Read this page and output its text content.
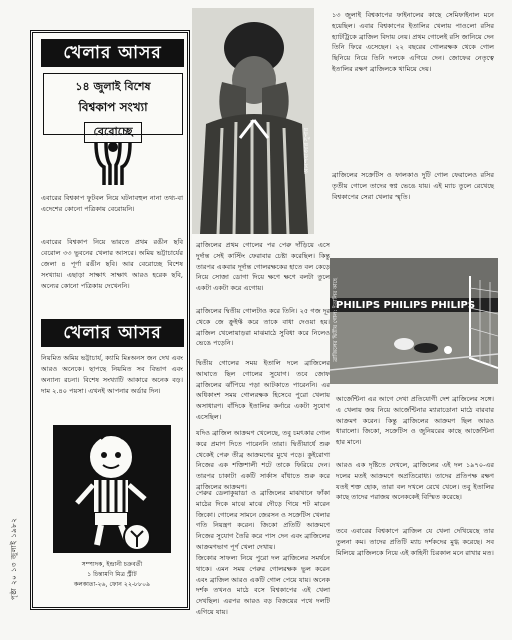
পৃষ্ঠা ২০ ১৩ জুলাই ১৯৮২
খেলার আসর
১৪ জুলাই বিশেষ
বিশ্বকাপ সংখ্যা
বেরোচ্ছে
এবারের বিশ্বকাপ ফুটবল নিয়ে ঘটনাবহুল নানা তথ্য-বা এদেশের কোনো পত্রিকায় বেরোয়নি।
এবারের বিশ্বকাপ নিয়ে ভারতে প্রথম রঙীন ছবি বেরোল ৩৩ ভুবনের খেলার আসরে। অমিয় ভট্টাচার্যের জেলা ৪ পূর্ণা রঙীন ছবি। আর বেরোচ্ছে বিশেষ সংখ্যায়। এছাড়া সাক্ষাৎ সাক্ষাৎ আরও হরেক ছবি, অন্যের কোনো পত্রিকায় দেখেননি।
খেলার আসর
নিয়মিত অমিয় ভট্টাচার্য, ক্যামি মিঃঅনস জন দেখ এবং আরও অনেকে। ছাপছে নিয়মিত সব বিভাগ এবং অন্যান্য রচনা। বিশেষ সংখ্যাটি আকারে অনেক বড়। দাম ২.৪০ পয়সা। এখনই আপনার অর্ডার দিন।
সম্পাদক, ইন্দ্রানী চক্রবর্তী
১ চিন্তামণি মিত্র স্ট্রীট
কলকাতা-২৬, ফোন ২২-৮৮০৯
আনন্দবাজার সুপার
ব্রাজিলের প্রথম গোলের পর পেরু দাঁড়িয়ে এসে দুর্দান্ত সেই কাস্টিং ফেরাবার চেষ্টা করেছিল। কিন্তু তারপর একবার দূর্দান্ত গোলরক্ষকের হাতে বল কেড়ে নিয়ে সোজা ডোগা দিয়ে ক্ষণে ক্ষণে বলটা তুলে একটা একটা করে এগোয়।
ব্রাজিলের দ্বিতীয় গোলটাও করে তিনি। ২৫ গজ দূর থেকে জে ক্রুইফ্ট করে তাকে বাধা দেওয়া হয়। ব্রাজিল খেলোয়াড়রা মাঝমাঠে সুবিধা করে নিলেও ভেঙে পড়েনি।
দ্বিতীয় গোলের সময় ইতালি দলে ব্রাজিলের আঘাতে ছিল গোলের সুযোগ। তবে জোফ ব্রাজিলের ঝাঁপিয়ে পড়া আটকাতে পারেননি। এর অধিকাংশ সময় গোলরক্ষক হিসেবে পুরো খেলায় অসাধারণ। বাঁদিকে ইতালির কর্নারে একটা সুযোগ এসেছিল।
যদিও ব্রাজিল আক্রমণ খেলেছে, তবু চমৎকার গোল করে প্রমাণ দিতে পারেননি তারা। দ্বিতীয়ার্ধে শুরু থেকেই পেরু তীব্র আক্রমণের মুখে পড়ে। কুইরোগা নিজের এক শক্তিশালী শটে তাকে ফিরিয়ে দেন। তারপর চাকাটা একটি সার্কাস বাঁধাতে শুরু করে ব্রাজিলের আক্রমণ।
পেরুর ডেলাকুয়াডা ও ব্রাজিলের মাঝখানে ফাঁকা মাঠের দিকে মাঝে মাঝে দৌড়ে গিয়ে শট মারেন জিকো। গোলের সামনে জেরসন ও সক্রেটিস খেলার গতি নিয়ন্ত্রণ করেন। জিকো প্রতিটি আক্রমণে নিজের সুযোগ তৈরি করে পাস দেন এবং ব্রাজিলের আক্রমণভাগ পূর্ণ খেলা দেখায়।
জিকোর সাফল্য নিয়ে পুরো দল ব্রাজিলের সমর্থনে থাকে। এমন সময় পেরুর গোলরক্ষক ভুল করেন এবং ব্রাজিল আরও একটি গোল পেয়ে যায়। অনেক দর্শক তখনও মাঠে বসে বিশ্বকাপের এই খেলা দেখছিল। এরপর আরও বড় বিজয়ের পথে দলটি এগিয়ে যায়।
১৩ জুলাই বিশ্বকাপের ফাইনালের কাছে সেমিফাইনাল মনে হয়েছিল। এবার বিশ্বকাপের ইতালির খেলায় পাওলো রসির হ্যাটট্রিকে ব্রাজিল বিদায় নেয়। প্রথম গোলেই রসি জানিয়ে দেন তিনি ফিরে এসেছেন। ২২ বছরের গোলরক্ষক থেকে গোল ছিনিয়ে নিয়ে তিনি দলকে এগিয়ে দেন। জোফের নেতৃত্বে ইতালির রক্ষণ ব্রাজিলকে থামিয়ে দেয়।
ব্রাজিলের সক্রেটিস ও ফালকাও দুটি গোল ফেরালেও রসির তৃতীয় গোলে তাদের স্বপ্ন ভেঙে যায়। এই ম্যাচ তুলে রেখেছে বিশ্বকাপের সেরা খেলার স্মৃতি।
PHILIPS PHILIPS PHILIPS
ব্রাজিলের দ্বিতীয় গোল: ইতালির কাছে
আর্জেন্টিনা এর আগে দেখা প্রতিযোগী দেশ ব্রাজিলের সঙ্গে। এ খেলায় জয় নিয়ে আর্জেন্টিনার ম্যারাডোনা মাঠে বারবার আক্রমণ করেন। কিন্তু ব্রাজিলের আক্রমণ ছিল আরও ধারালো। জিকো, সক্রেটিস ও জুনিয়রের কাছে আর্জেন্টিনা হার মানে।
আরও এক দৃষ্টিতে দেখলে, ব্রাজিলের এই দল ১৯৭০-এর দলের মতই আক্রমণে অপ্রতিরোধ্য। তাদের প্রতিপক্ষ রক্ষণ যতই শক্ত হোক, তারা বল দখলে রেখে খেলে। তবু ইতালির কাছে তাদের পরাজয় অনেককেই বিস্মিত করেছে।
তবে এবারের বিশ্বকাপে ব্রাজিল যে খেলা দেখিয়েছে তার তুলনা কম। তাদের প্রতিটি ম্যাচ দর্শকদের মুগ্ধ করেছে। সব মিলিয়ে ব্রাজিলকে নিয়ে এই কাহিনী চিরকাল মনে রাখার মত।
